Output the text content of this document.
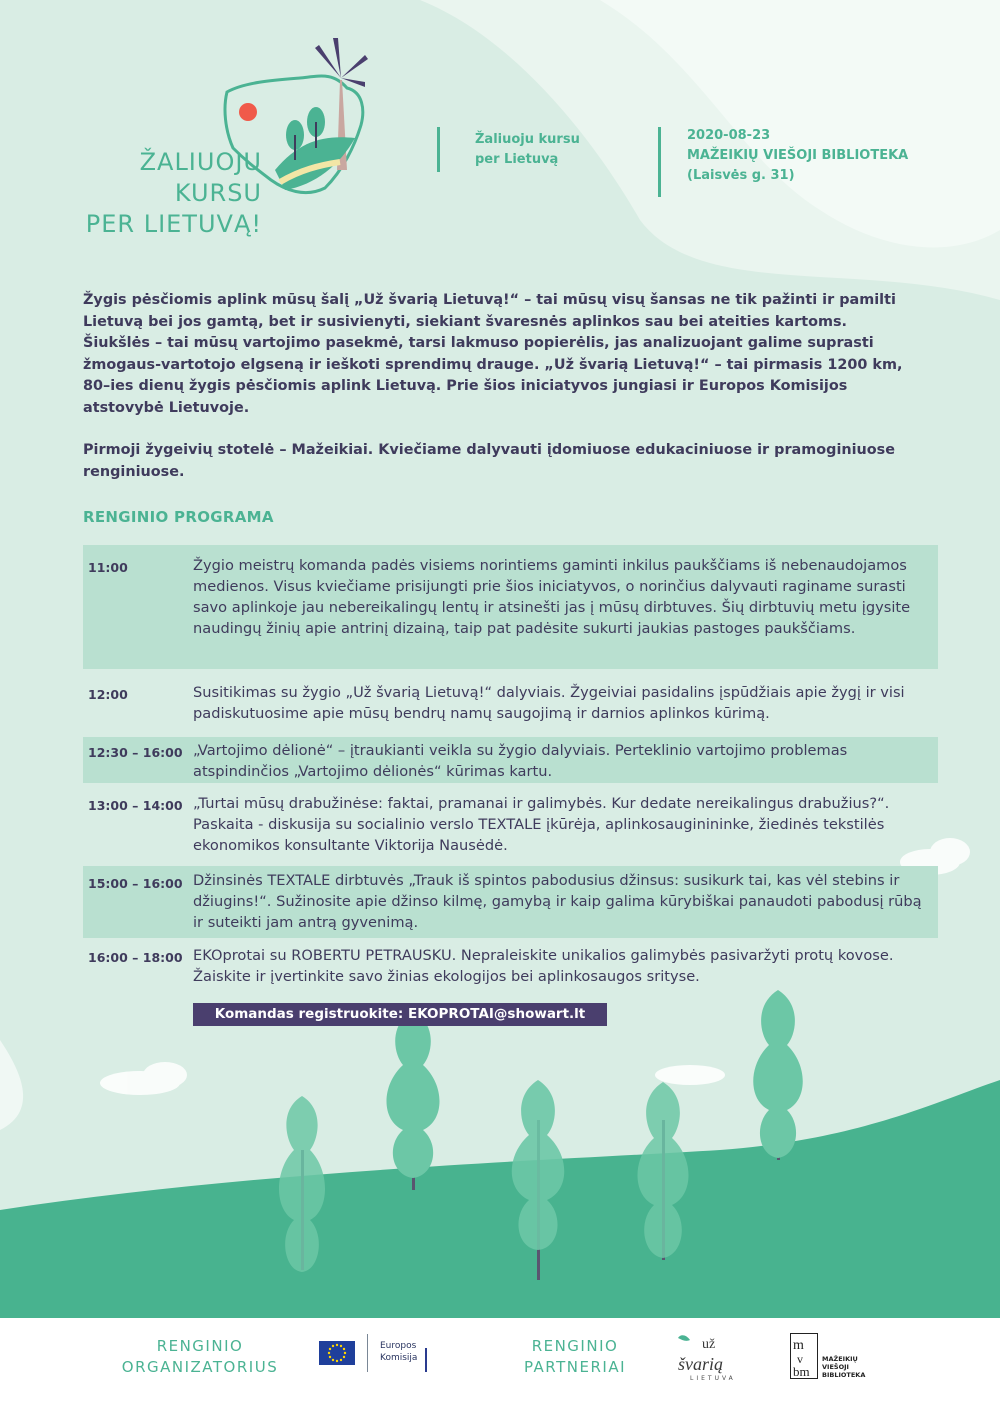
ŽALIUOJU KURSU
PER LIETUVĄ!
Žaliuoju kursu
per Lietuvą
2020-08-23
MAŽEIKIŲ VIEŠOJI BIBLIOTEKA
(Laisvės g. 31)

Žygis pėsčiomis aplink mūsų šalį „Už švarią Lietuvą!“ – tai mūsų visų šansas ne tik pažinti ir pamilti Lietuvą bei jos gamtą, bet ir susivienyti, siekiant švaresnės aplinkos sau bei ateities kartoms. Šiukšlės – tai mūsų vartojimo pasekmė, tarsi lakmuso popierėlis, jas analizuojant galime suprasti žmogaus-vartotojo elgseną ir ieškoti sprendimų drauge. „Už švarią Lietuvą!“ – tai pirmasis 1200 km, 80–ies dienų žygis pėsčiomis aplink Lietuvą. Prie šios iniciatyvos jungiasi ir Europos Komisijos atstovybė Lietuvoje.

Pirmoji žygeivių stotelė – Mažeikiai. Kviečiame dalyvauti įdomiuose edukaciniuose ir pramoginiuose renginiuose.

RENGINIO PROGRAMA
11:00	Žygio meistrų komanda padės visiems norintiems gaminti inkilus paukščiams iš nebenaudojamos medienos. Visus kviečiame prisijungti prie šios iniciatyvos, o norinčius dalyvauti raginame surasti savo aplinkoje jau nebereikalingų lentų ir atsinešti jas į mūsų dirbtuves. Šių dirbtuvių metu įgysite naudingų žinių apie antrinį dizainą, taip pat padėsite sukurti jaukias pastoges paukščiams.
12:00	Susitikimas su žygio „Už švarią Lietuvą!“ dalyviais. Žygeiviai pasidalins įspūdžiais apie žygį ir visi padiskutuosime apie mūsų bendrų namų saugojimą ir darnios aplinkos kūrimą.
12:30 – 16:00 „Vartojimo dėlionė“ – įtraukianti veikla su žygio dalyviais. Perteklinio vartojimo problemas atspindinčios „Vartojimo dėlionės“ kūrimas kartu.
13:00 – 14:00 „Turtai mūsų drabužinėse: faktai, pramanai ir galimybės. Kur dedate nereikalingus drabužius?“. Paskaita - diskusija su socialinio verslo TEXTALE įkūrėja, aplinkosauginininke, žiedinės tekstilės ekonomikos konsultante Viktorija Nausėdė.
15:00 – 16:00 Džinsinės TEXTALE dirbtuvės „Trauk iš spintos pabodusius džinsus: susikurk tai, kas vėl stebins ir džiugins!“. Sužinosite apie džinso kilmę, gamybą ir kaip galima kūrybiškai panaudoti pabodusį rūbą ir suteikti jam antrą gyvenimą.
16:00 – 18:00 EKOprotai su ROBERTU PETRAUSKU. Nepraleiskite unikalios galimybės pasivaržyti protų kovose. Žaiskite ir įvertinkite savo žinias ekologijos bei aplinkosaugos srityse.
Komandas registruokite: EKOPROTAI@showart.lt
RENGINIO
ORGANIZATORIUS
Europos
Komisija
RENGINIO
PARTNERIAI
už
švarią
LIETUVA
m
v
bm
MAŽEIKIŲ
VIEŠOJI
BIBLIOTEKA
